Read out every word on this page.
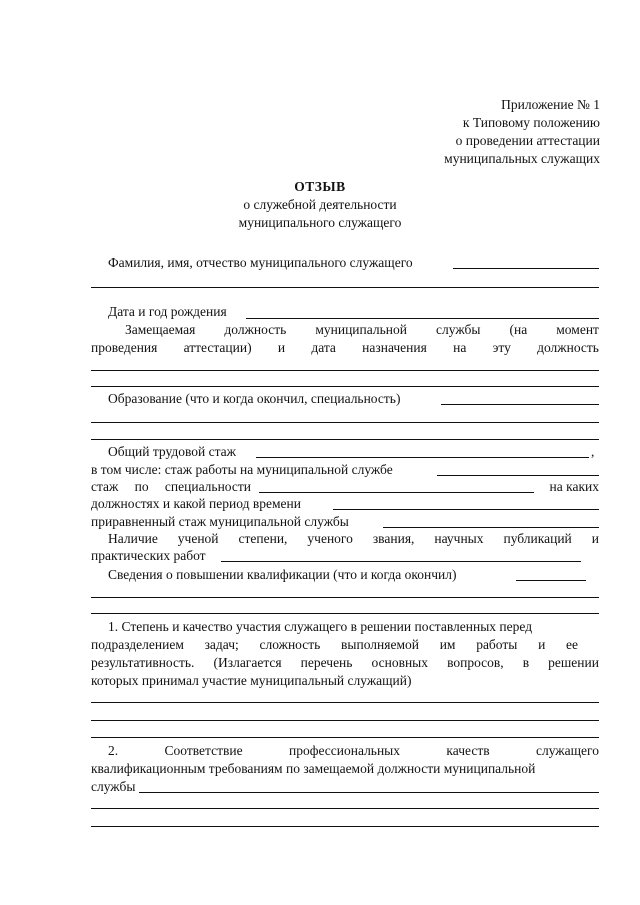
Приложение № 1
к Типовому положению
о проведении аттестации
муниципальных служащих
ОТЗЫВ
о служебной деятельности
муниципального служащего
Фамилия, имя, отчество муниципального служащего
Дата и год рождения
Замещаемая должность муниципальной службы (на момент
проведения аттестации) и дата назначения на эту должность
Образование (что и когда окончил, специальность)
Общий трудовой стаж	,
в том числе: стаж работы на муниципальной службе
стаж по специальности	на каких
должностях и какой период времени
приравненный стаж муниципальной службы
Наличие ученой степени, ученого звания, научных публикаций и
практических работ
Сведения о повышении квалификации (что и когда окончил)
1. Степень и качество участия служащего в решении поставленных перед
подразделением задач; сложность выполняемой им работы и ее
результативность. (Излагается перечень основных вопросов, в решении
которых принимал участие муниципальный служащий)
2.	Соответствие	профессиональных	качеств	служащего
квалификационным требованиям по замещаемой должности муниципальной
службы
